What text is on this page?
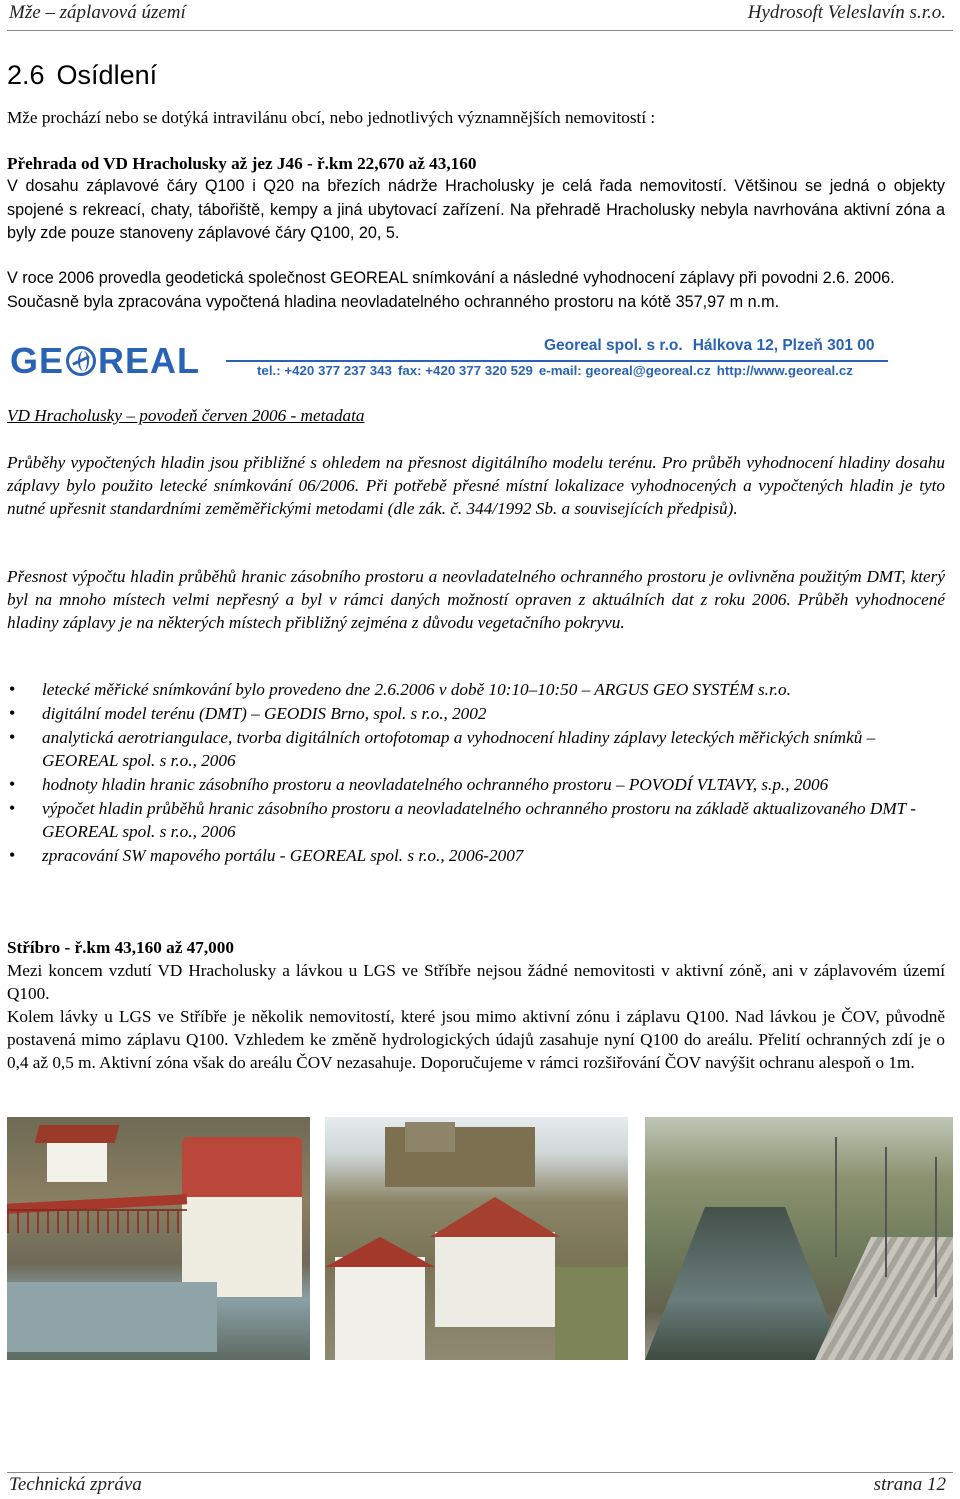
Mže – záplavová území	Hydrosoft Veleslavín s.r.o.
2.6 Osídlení

Mže prochází nebo se dotýká intravilánu obcí, nebo jednotlivých významnějších nemovitostí :

Přehrada od VD Hracholusky až jez J46 - ř.km 22,670 až 43,160

V dosahu záplavové čáry Q100 i Q20 na březích nádrže Hracholusky je celá řada nemovitostí. Většinou se jedná o objekty spojené s rekreací, chaty, tábořiště, kempy a jiná ubytovací zařízení. Na přehradě Hracholusky nebyla navrhována aktivní zóna a byly zde pouze stanoveny záplavové čáry Q100, 20, 5.

V roce 2006 provedla geodetická společnost GEOREAL snímkování a následné vyhodnocení záplavy při povodni 2.6. 2006. Současně byla zpracována vypočtená hladina neovladatelného ochranného prostoru na kótě 357,97 m n.m.

GE REAL	Georeal spol. s r.o. Hálkova 12, Plzeň 301 00
tel.: +420 377 237 343 fax: +420 377 320 529 e-mail: georeal@georeal.cz http://www.georeal.cz

VD Hracholusky – povodeň červen 2006 - metadata

Průběhy vypočtených hladin jsou přibližné s ohledem na přesnost digitálního modelu terénu. Pro průběh vyhodnocení hladiny dosahu záplavy bylo použito letecké snímkování 06/2006. Při potřebě přesné místní lokalizace vyhodnocených a vypočtených hladin je tyto nutné upřesnit standardními zeměměřickými metodami (dle zák. č. 344/1992 Sb. a souvisejících předpisů).

Přesnost výpočtu hladin průběhů hranic zásobního prostoru a neovladatelného ochranného prostoru je ovlivněna použitým DMT, který byl na mnoho místech velmi nepřesný a byl v rámci daných možností opraven z aktuálních dat z roku 2006. Průběh vyhodnocené hladiny záplavy je na některých místech přibližný zejména z důvodu vegetačního pokryvu.

• letecké měřické snímkování bylo provedeno dne 2.6.2006 v době 10:10–10:50 – ARGUS GEO SYSTÉM s.r.o.
• digitální model terénu (DMT) – GEODIS Brno, spol. s r.o., 2002
• analytická aerotriangulace, tvorba digitálních ortofotomap a vyhodnocení hladiny záplavy leteckých měřických snímků – GEOREAL spol. s r.o., 2006
• hodnoty hladin hranic zásobního prostoru a neovladatelného ochranného prostoru – POVODÍ VLTAVY, s.p., 2006
• výpočet hladin průběhů hranic zásobního prostoru a neovladatelného ochranného prostoru na základě aktualizovaného DMT - GEOREAL spol. s r.o., 2006
• zpracování SW mapového portálu - GEOREAL spol. s r.o., 2006-2007

Stříbro - ř.km 43,160 až 47,000

Mezi koncem vzdutí VD Hracholusky a lávkou u LGS ve Stříbře nejsou žádné nemovitosti v aktivní zóně, ani v záplavovém území Q100.

Kolem lávky u LGS ve Stříbře je několik nemovitostí, které jsou mimo aktivní zónu i záplavu Q100. Nad lávkou je ČOV, původně postavená mimo záplavu Q100. Vzhledem ke změně hydrologických údajů zasahuje nyní Q100 do areálu. Přelití ochranných zdí je o 0,4 až 0,5 m. Aktivní zóna však do areálu ČOV nezasahuje. Doporučujeme v rámci rozšiřování ČOV navýšit ochranu alespoň o 1m.

Technická zpráva	strana 12
